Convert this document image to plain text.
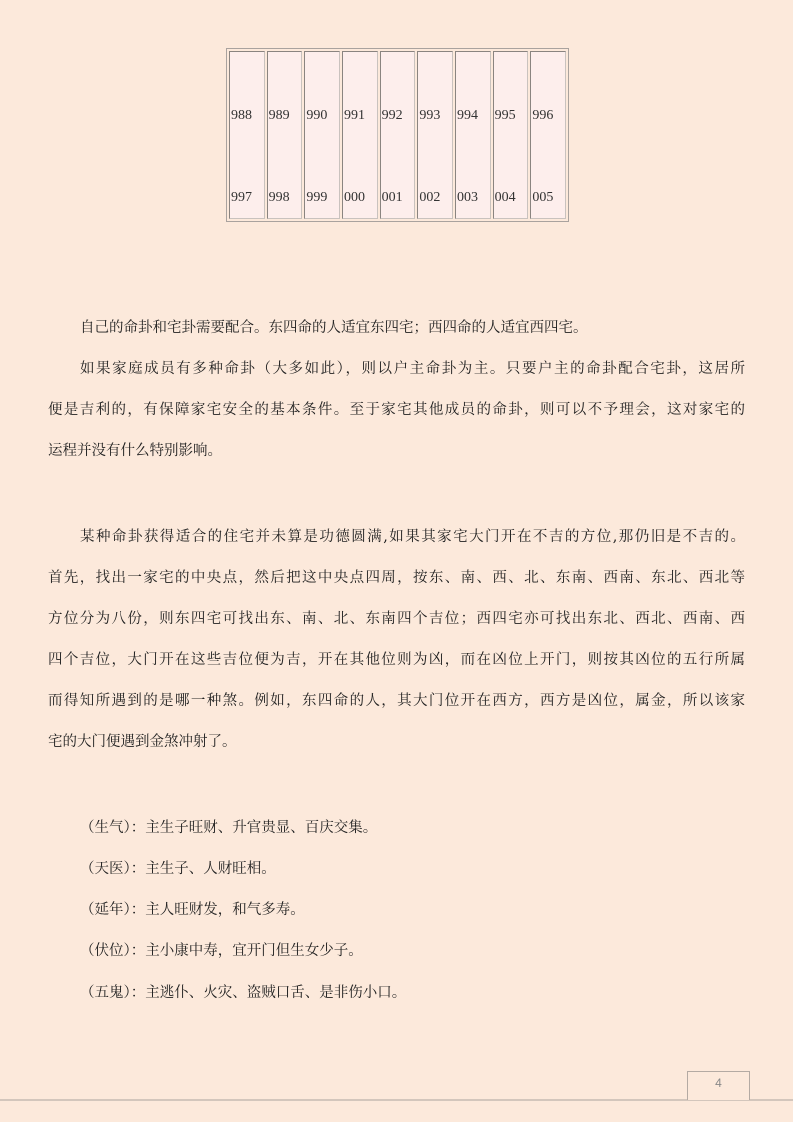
988 989 990 991 992 993 994 995 996
997 998 999 000 001 002 003 004 005
自己的命卦和宅卦需要配合。东四命的人适宜东四宅；西四命的人适宜西四宅。
如果家庭成员有多种命卦（大多如此），则以户主命卦为主。只要户主的命卦配合宅卦，这居所
便是吉利的，有保障家宅安全的基本条件。至于家宅其他成员的命卦，则可以不予理会，这对家宅的
运程并没有什么特别影响。
某种命卦获得适合的住宅并未算是功德圆满,如果其家宅大门开在不吉的方位,那仍旧是不吉的。
首先，找出一家宅的中央点，然后把这中央点四周，按东、南、西、北、东南、西南、东北、西北等
方位分为八份，则东四宅可找出东、南、北、东南四个吉位；西四宅亦可找出东北、西北、西南、西
四个吉位，大门开在这些吉位便为吉，开在其他位则为凶，而在凶位上开门，则按其凶位的五行所属
而得知所遇到的是哪一种煞。例如，东四命的人，其大门位开在西方，西方是凶位，属金，所以该家
宅的大门便遇到金煞冲射了。
（生气）：主生子旺财、升官贵显、百庆交集。
（天医）：主生子、人财旺相。
（延年）：主人旺财发，和气多寿。
（伏位）：主小康中寿，宜开门但生女少子。
（五鬼）：主逃仆、火灾、盗贼口舌、是非伤小口。
4
